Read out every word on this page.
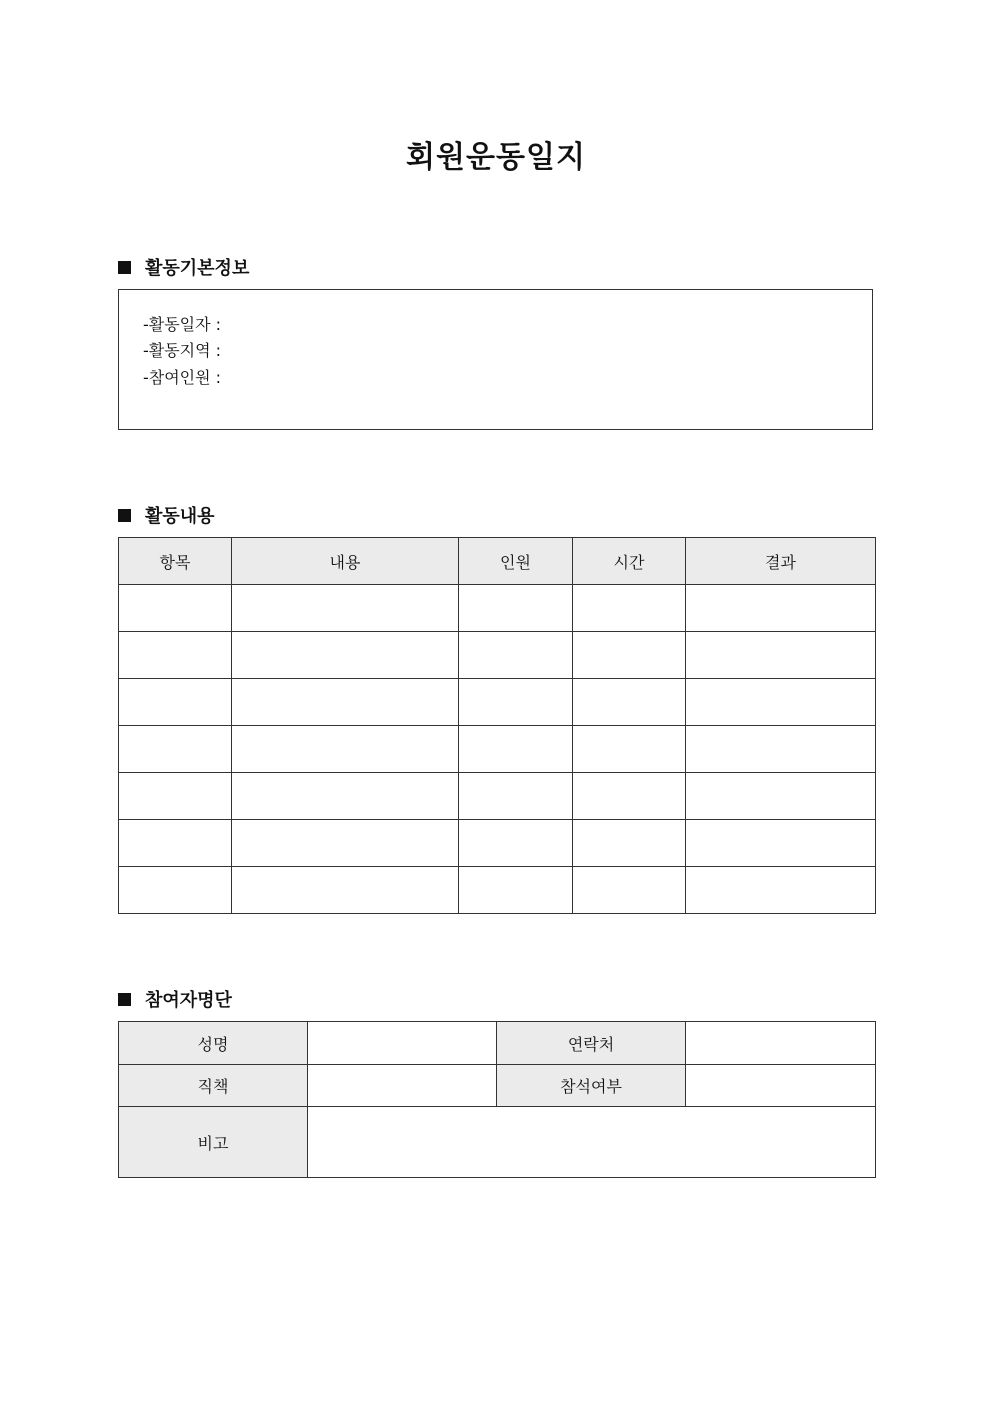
회원운동일지
활동기본정보
-활동일자 :
-활동지역 :
-참여인원 :
활동내용
항목	내용	인원	시간	결과

참여자명단
성명		연락처	
직책		참석여부	
비고			
